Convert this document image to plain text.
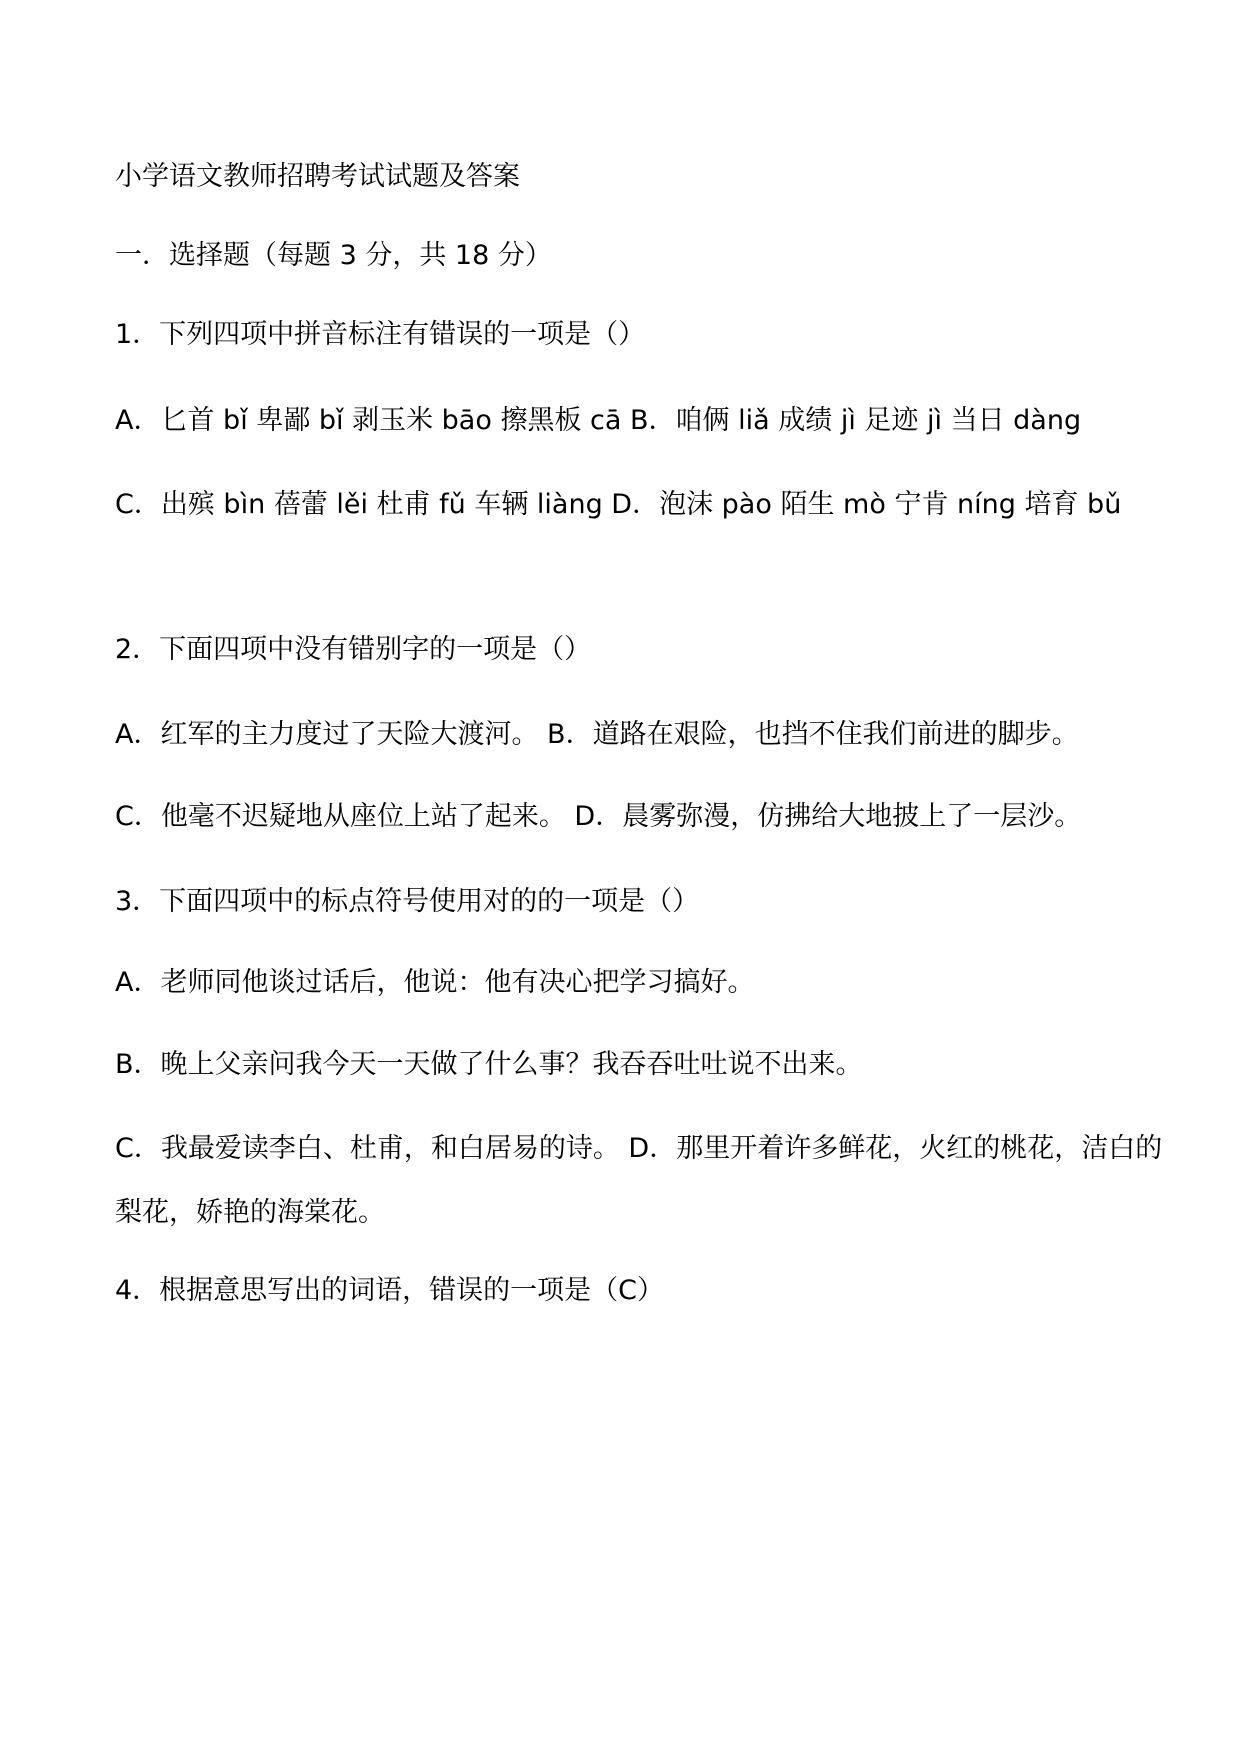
小学语文教师招聘考试试题及答案
一．选择题（每题 3 分，共 18 分）
1．下列四项中拼音标注有错误的一项是（）
A．匕首 bǐ 卑鄙 bǐ 剥玉米 bāo 擦黑板 cā B．咱俩 liǎ 成绩 jì 足迹 jì 当日 dàng
C．出殡 bìn 蓓蕾 lěi 杜甫 fǔ 车辆 liàng D．泡沫 pào 陌生 mò 宁肯 níng 培育 bǔ
2．下面四项中没有错别字的一项是（）
A．红军的主力度过了天险大渡河。 B．道路在艰险，也挡不住我们前进的脚步。
C．他毫不迟疑地从座位上站了起来。 D．晨雾弥漫，仿拂给大地披上了一层沙。
3．下面四项中的标点符号使用对的的一项是（）
A．老师同他谈过话后，他说：他有决心把学习搞好。
B．晚上父亲问我今天一天做了什么事？我吞吞吐吐说不出来。
C．我最爱读李白、杜甫，和白居易的诗。 D．那里开着许多鲜花，火红的桃花，洁白的梨花，娇艳的海棠花。
4．根据意思写出的词语，错误的一项是（C）
